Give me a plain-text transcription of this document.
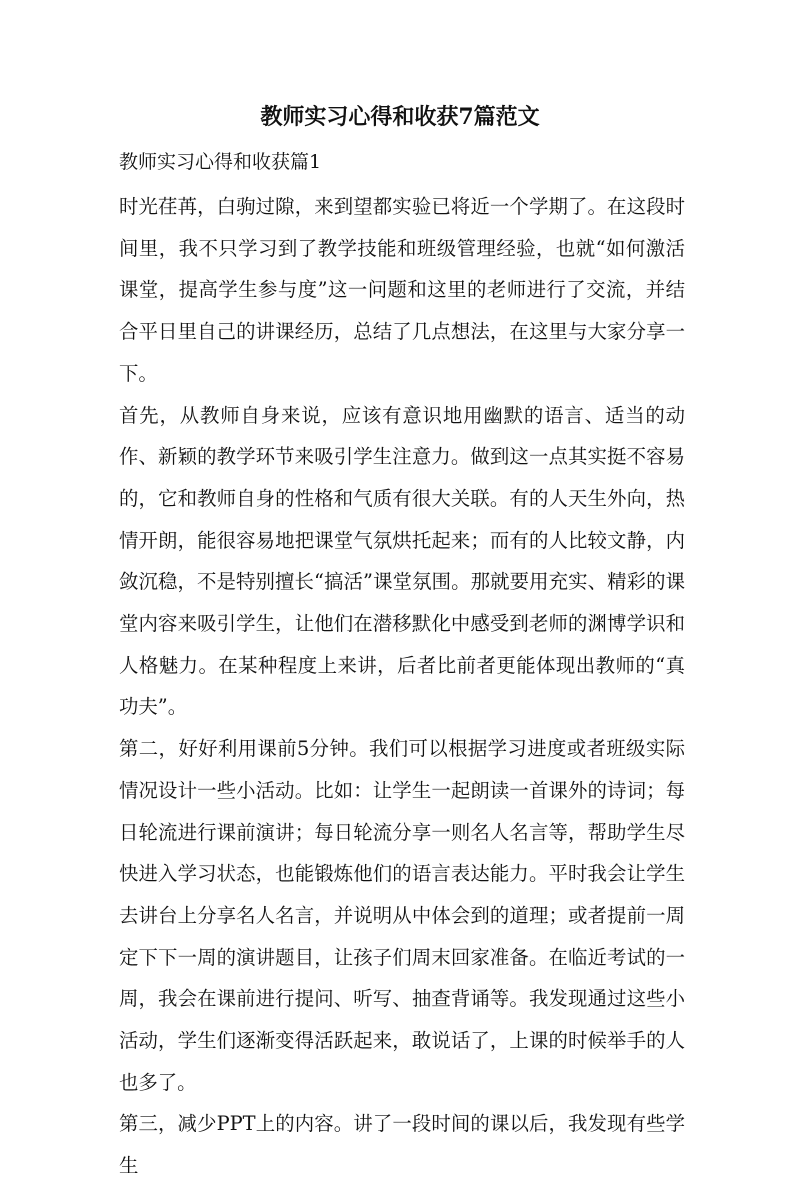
教师实习心得和收获7篇范文
教师实习心得和收获篇1

时光荏苒，白驹过隙，来到望都实验已将近一个学期了。在这段时间里，我不只学习到了教学技能和班级管理经验，也就“如何激活课堂，提高学生参与度”这一问题和这里的老师进行了交流，并结合平日里自己的讲课经历，总结了几点想法，在这里与大家分享一下。

首先，从教师自身来说，应该有意识地用幽默的语言、适当的动作、新颖的教学环节来吸引学生注意力。做到这一点其实挺不容易的，它和教师自身的性格和气质有很大关联。有的人天生外向，热情开朗，能很容易地把课堂气氛烘托起来；而有的人比较文静，内敛沉稳，不是特别擅长“搞活”课堂氛围。那就要用充实、精彩的课堂内容来吸引学生，让他们在潜移默化中感受到老师的渊博学识和人格魅力。在某种程度上来讲，后者比前者更能体现出教师的“真功夫”。

第二，好好利用课前5分钟。我们可以根据学习进度或者班级实际情况设计一些小活动。比如：让学生一起朗读一首课外的诗词；每日轮流进行课前演讲；每日轮流分享一则名人名言等，帮助学生尽快进入学习状态，也能锻炼他们的语言表达能力。平时我会让学生去讲台上分享名人名言，并说明从中体会到的道理；或者提前一周定下下一周的演讲题目，让孩子们周末回家准备。在临近考试的一周，我会在课前进行提问、听写、抽查背诵等。我发现通过这些小活动，学生们逐渐变得活跃起来，敢说话了，上课的时候举手的人也多了。

第三，减少PPT上的内容。讲了一段时间的课以后，我发现有些学生
